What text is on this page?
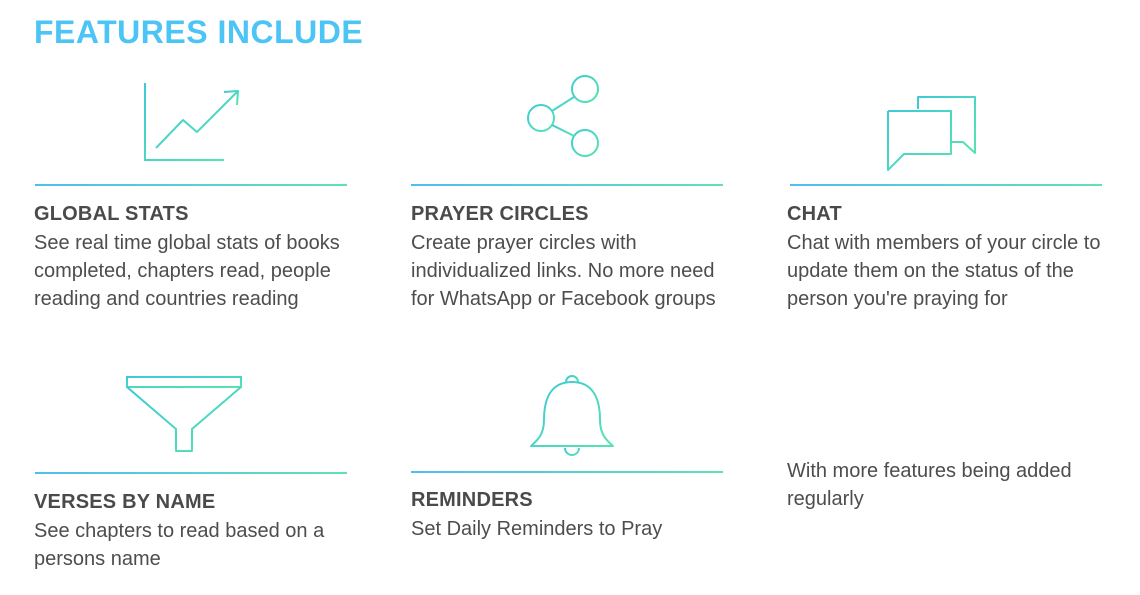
FEATURES INCLUDE
GLOBAL STATS

See real time global stats of books completed, chapters read, people reading and countries reading

PRAYER CIRCLES

Create prayer circles with individualized links. No more need for WhatsApp or Facebook groups

CHAT

Chat with members of your circle to update them on the status of the person you're praying for

VERSES BY NAME

See chapters to read based on a persons name

REMINDERS

Set Daily Reminders to Pray

With more features being added regularly
